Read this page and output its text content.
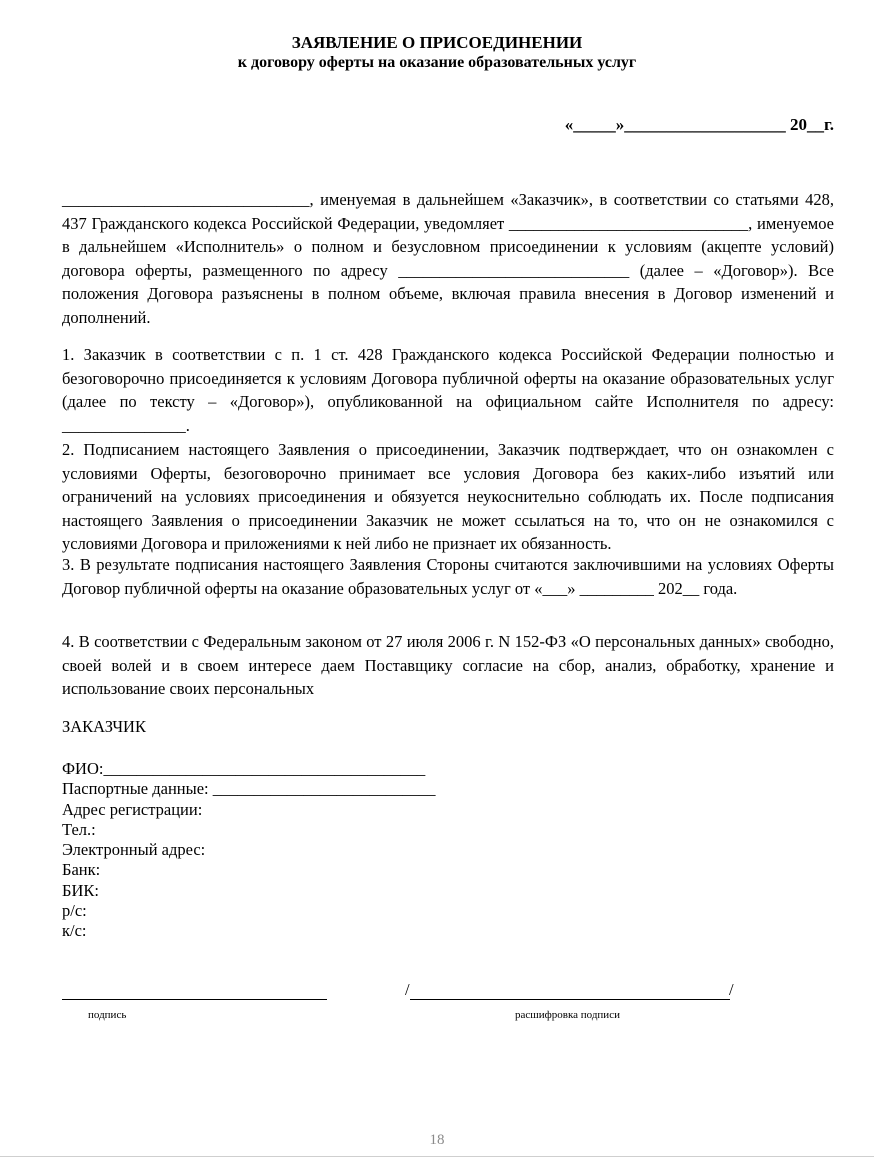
ЗАЯВЛЕНИЕ О ПРИСОЕДИНЕНИИ
к договору оферты на оказание образовательных услуг
«_____»___________________ 20__г.
______________________________, именуемая в дальнейшем «Заказчик», в соответствии со статьями 428, 437 Гражданского кодекса Российской Федерации, уведомляет _____________________________, именуемое в дальнейшем «Исполнитель» о полном и безусловном присоединении к условиям (акцепте условий) договора оферты, размещенного по адресу ____________________________ (далее – «Договор»). Все положения Договора разъяснены в полном объеме, включая правила внесения в Договор изменений и дополнений.
1. Заказчик в соответствии с п. 1 ст. 428 Гражданского кодекса Российской Федерации полностью и безоговорочно присоединяется к условиям Договора публичной оферты на оказание образовательных услуг (далее по тексту – «Договор»), опубликованной на официальном сайте Исполнителя по адресу: _______________.
2. Подписанием настоящего Заявления о присоединении, Заказчик подтверждает, что он ознакомлен с условиями Оферты, безоговорочно принимает все условия Договора без каких-либо изъятий или ограничений на условиях присоединения и обязуется неукоснительно соблюдать их. После подписания настоящего Заявления о присоединении Заказчик не может ссылаться на то, что он не ознакомился с условиями Договора и приложениями к ней либо не признает их обязанность.
3. В результате подписания настоящего Заявления Стороны считаются заключившими на условиях Оферты Договор публичной оферты на оказание образовательных услуг от «___» _________ 202__ года.
4. В соответствии с Федеральным законом от 27 июля 2006 г. N 152-ФЗ «О персональных данных» свободно, своей волей и в своем интересе даем Поставщику согласие на сбор, анализ, обработку, хранение и использование своих персональных
ЗАКАЗЧИК
ФИО:_______________________________________
Паспортные данные: ___________________________
Адрес регистрации:
Тел.:
Электронный адрес:
Банк:
БИК:
р/с:
к/с:
/	/
подпись	расшифровка подписи
18
